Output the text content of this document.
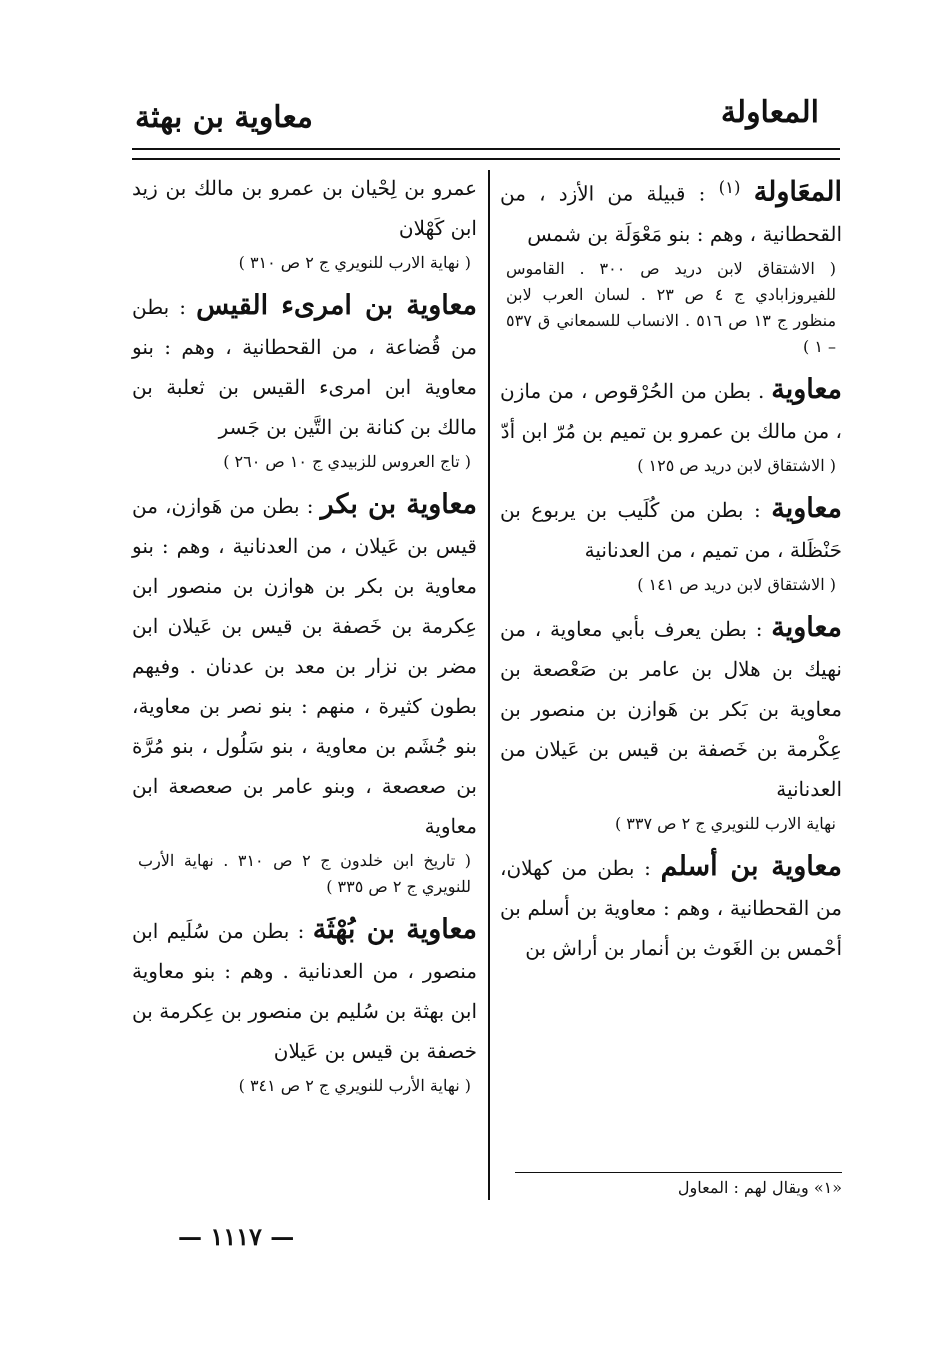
المعاولة
معاوية بن بهثة

المعَاولة $^{(١)}$ : قبيلة من الأزد ، من القحطانية ، وهم : بنو مَعْوَلَة بن شمس

( الاشتقاق لابن دريد ص ٣٠٠ . القاموس للفيروزابادي ج ٤ ص ٢٣ . لسان العرب لابن منظور ج ١٣ ص ٥١٦ . الانساب للسمعاني ق ٥٣٧ – ١ )

معاوية . بطن من الحُرْقوص ، من مازن ، من مالك بن عمرو بن تميم بن مُرّ ابن أدّ

( الاشتقاق لابن دريد ص ١٢٥ )

معاوية : بطن من كُلَيب بن يربوع بن حَنْظَلة ، من تميم ، من العدنانية

( الاشتقاق لابن دريد ص ١٤١ )

معاوية : بطن يعرف بأبي معاوية ، من نهيك بن هلال بن عامر بن صَعْصعة بن معاوية بن بَكر بن هَوازن بن منصور بن عِكْرمة بن خَصفة بن قيس بن عَيلان من العدنانية

نهاية الارب للنويري ج ٢ ص ٣٣٧ )

معاوية بن أسلم : بطن من كهلان، من القحطانية ، وهم : معاوية بن أسلم بن أحْمس بن الغَوث بن أنمار بن أراش بن

عمرو بن لِحْيان بن عمرو بن مالك بن زيد ابن كَهْلان

( نهاية الارب للنويري ج ٢ ص ٣١٠ )

معاوية بن امرىء القيس : بطن من قُضاعة ، من القحطانية ، وهم : بنو معاوية ابن امرىء القيس بن ثعلبة بن مالك بن كنانة بن التَّين بن جَسر

( تاج العروس للزبيدي ج ١٠ ص ٢٦٠ )

معاوية بن بكر : بطن من هَوازن، من قيس بن عَيلان ، من العدنانية ، وهم : بنو معاوية بن بكر بن هوازن بن منصور ابن عِكرمة بن خَصفة بن قيس بن عَيلان ابن مضر بن نزار بن معد بن عدنان . وفيهم بطون كثيرة ، منهم : بنو نصر بن معاوية، بنو جُشَم بن معاوية ، بنو سَلُول ، بنو مُرَّة بن صعصعة ، وبنو عامر بن صعصعة ابن معاوية

( تاريخ ابن خلدون ج ٢ ص ٣١٠ . نهاية الأرب للنويري ج ٢ ص ٣٣٥ )

معاوية بن بُهْثَة : بطن من سُلَيم ابن منصور ، من العدنانية . وهم : بنو معاوية ابن بهثة بن سُليم بن منصور بن عِكرمة بن خصفة بن قيس بن عَيلان

( نهاية الأرب للنويري ج ٢ ص ٣٤١ )

«١» ويقال لهم : المعاول
— ١١١٧ —
